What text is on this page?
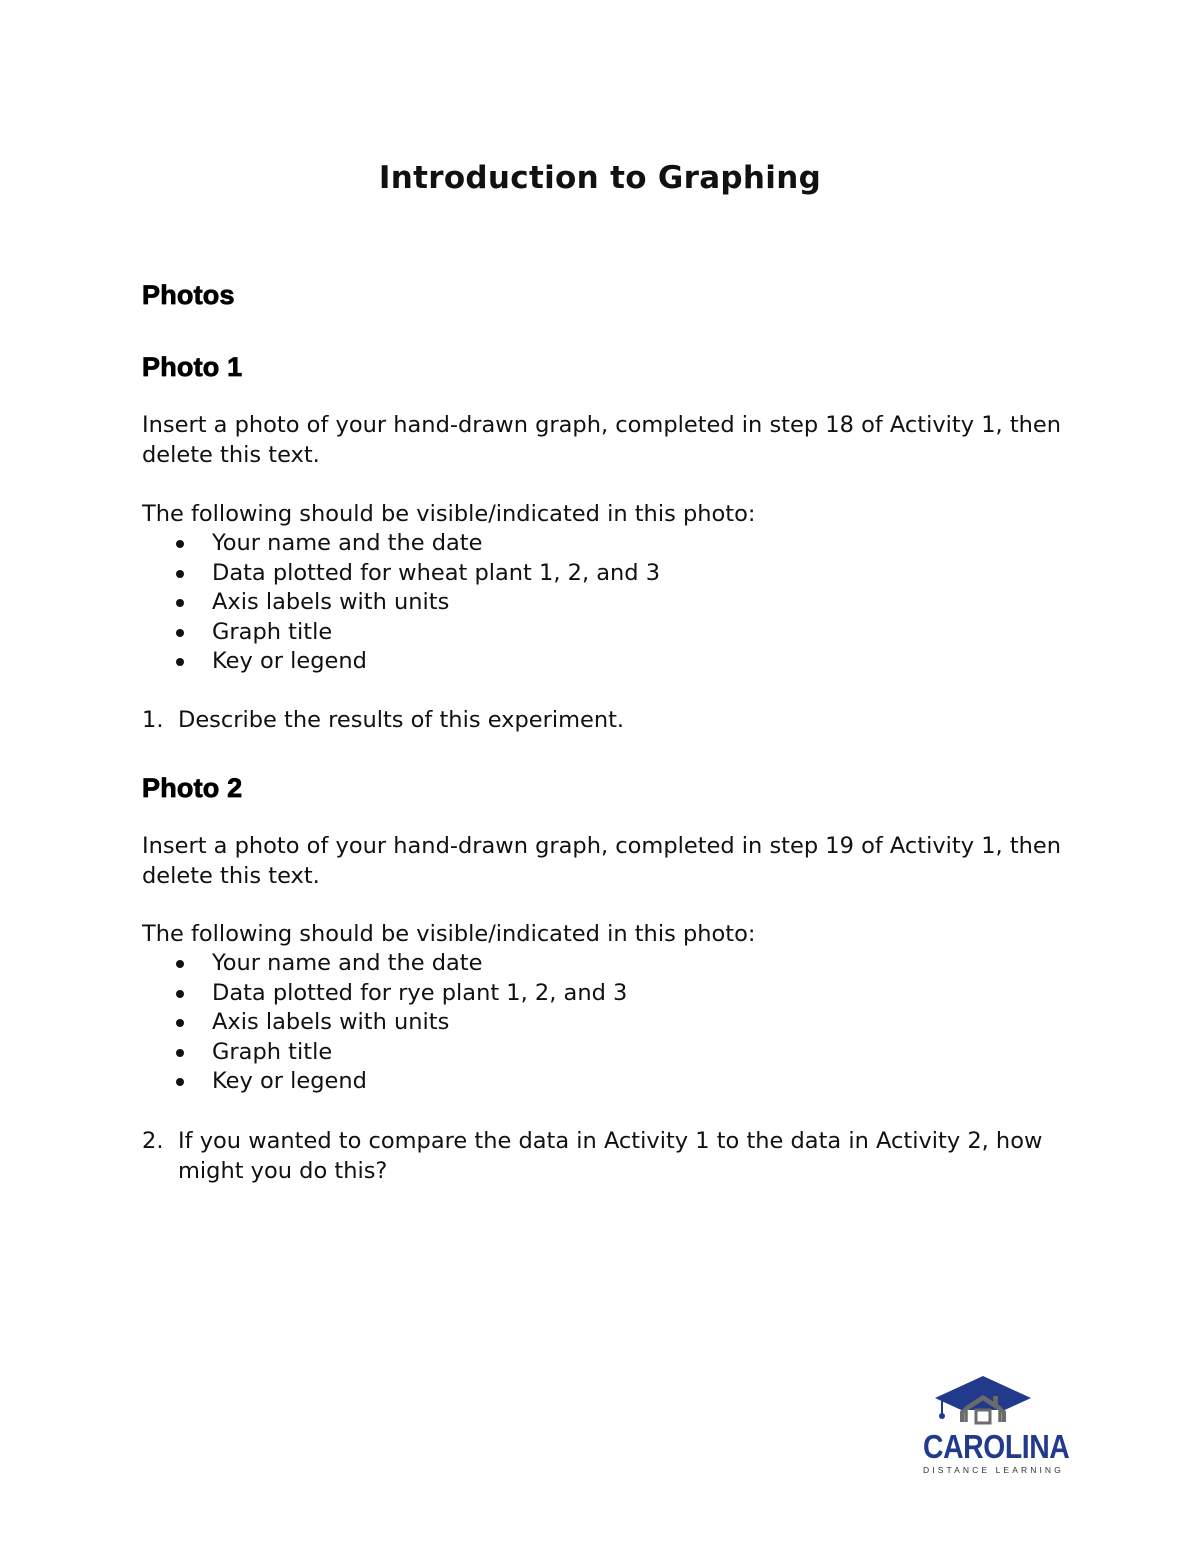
Introduction to Graphing
Photos
Photo 1

Insert a photo of your hand-drawn graph, completed in step 18 of Activity 1, then delete this text.

The following should be visible/indicated in this photo:

Your name and the date
Data plotted for wheat plant 1, 2, and 3
Axis labels with units
Graph title
Key or legend
1. Describe the results of this experiment.
Photo 2

Insert a photo of your hand-drawn graph, completed in step 19 of Activity 1, then delete this text.

The following should be visible/indicated in this photo:

Your name and the date
Data plotted for rye plant 1, 2, and 3
Axis labels with units
Graph title
Key or legend
2. If you wanted to compare the data in Activity 1 to the data in Activity 2, how might you do this?
CAROLINA
DISTANCE LEARNING
